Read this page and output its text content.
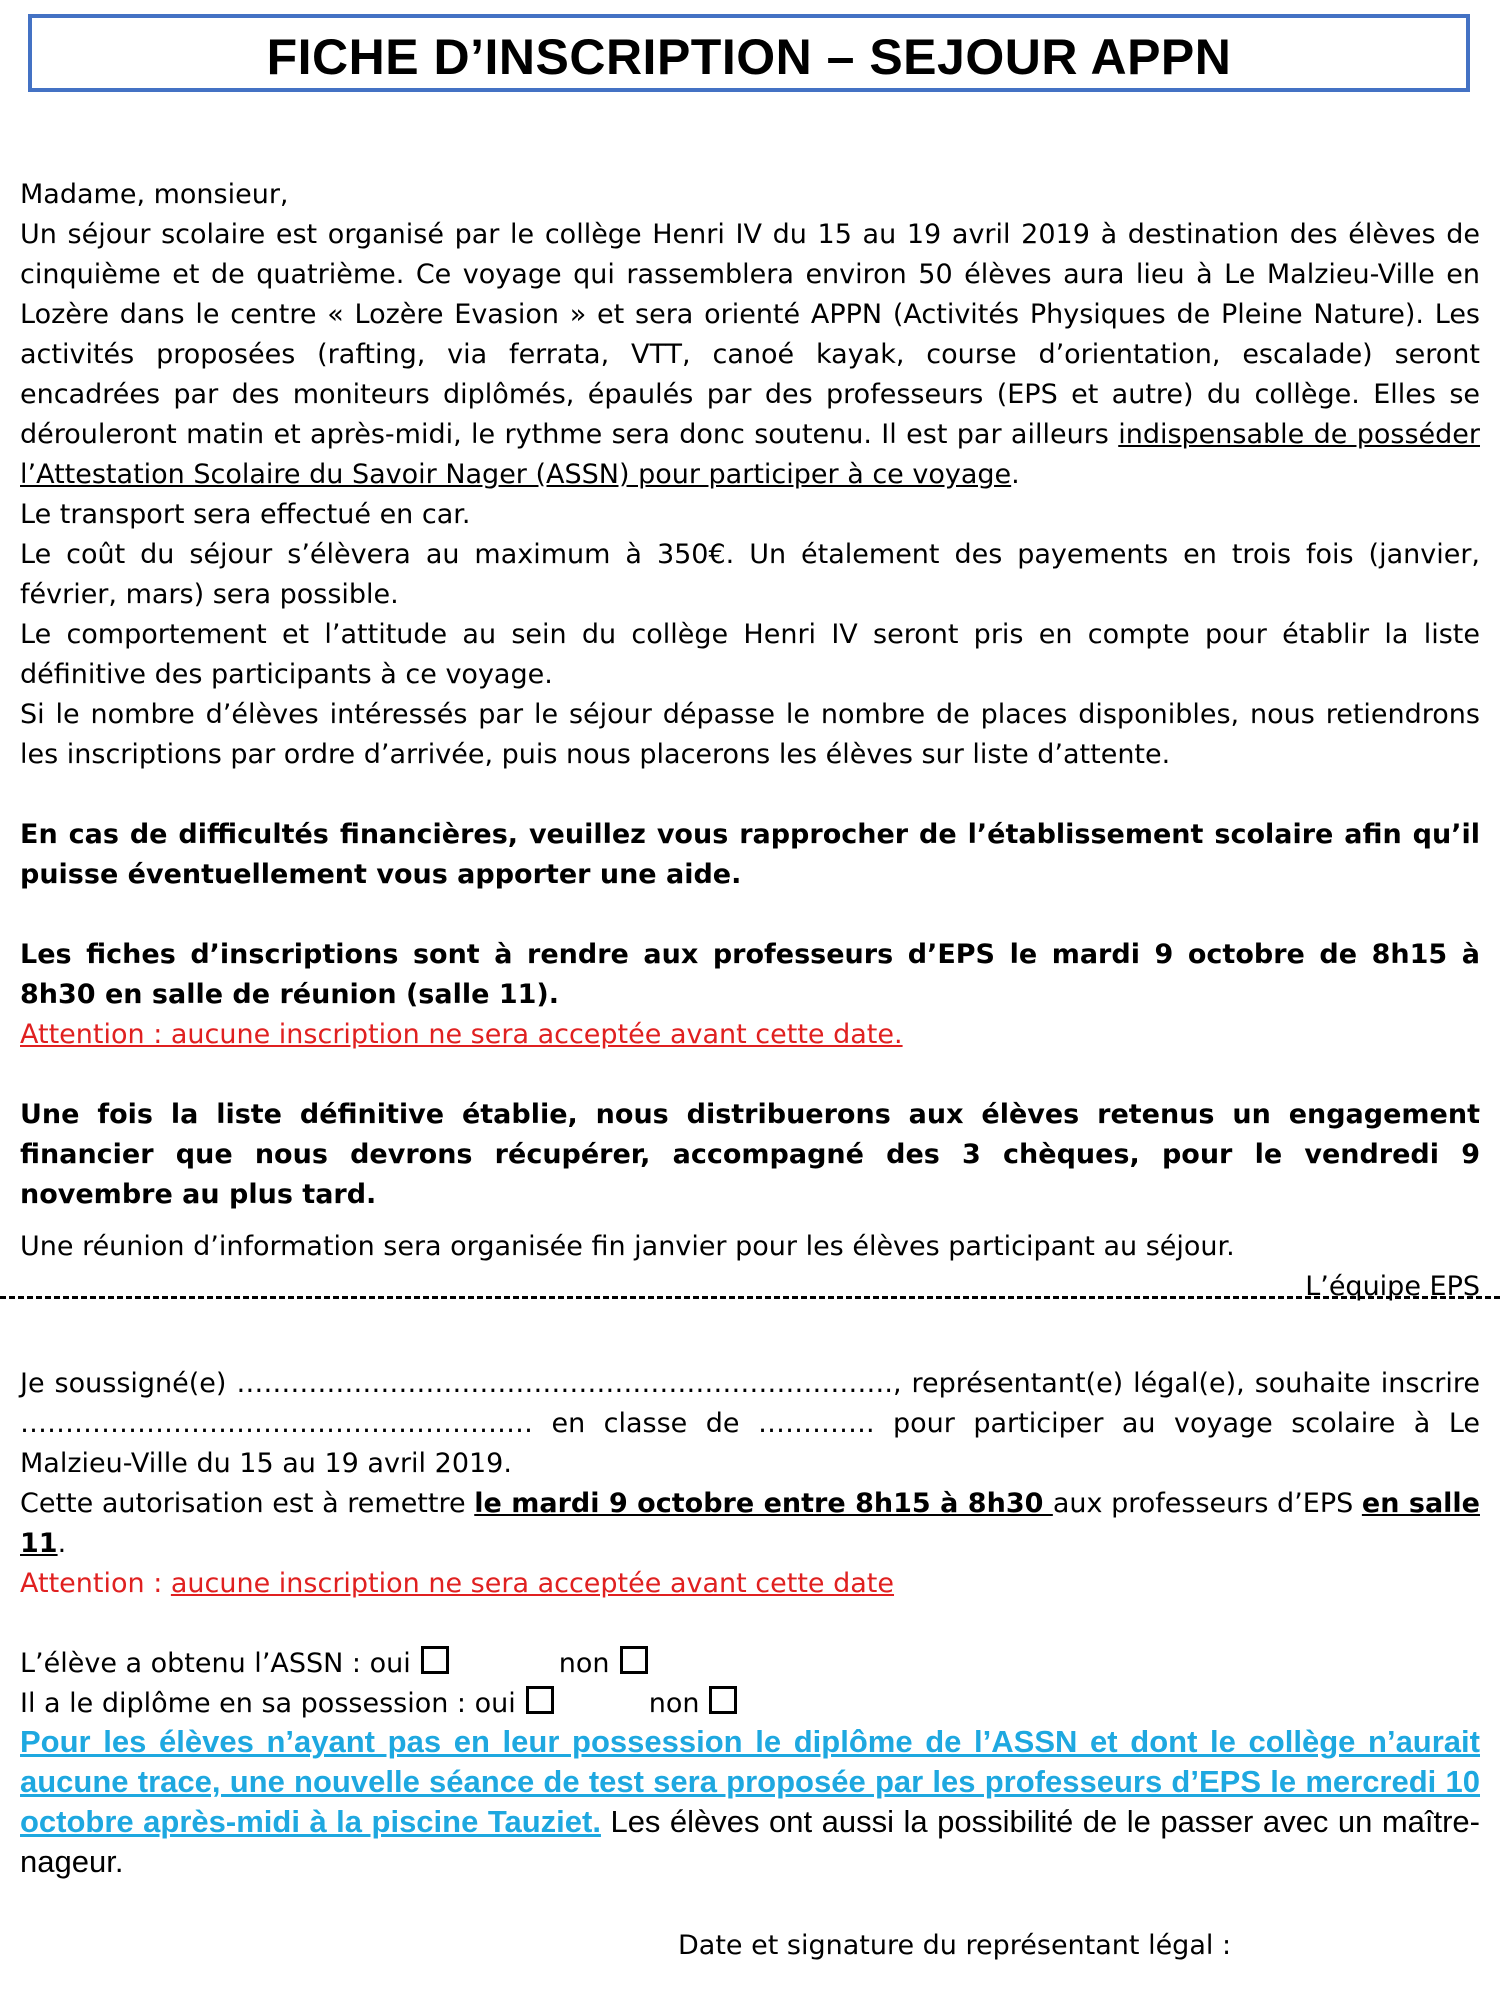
FICHE D’INSCRIPTION – SEJOUR APPN

Madame, monsieur,

Un séjour scolaire est organisé par le collège Henri IV du 15 au 19 avril 2019 à destination des élèves de cinquième et de quatrième. Ce voyage qui rassemblera environ 50 élèves aura lieu à Le Malzieu-Ville en Lozère dans le centre « Lozère Evasion » et sera orienté APPN (Activités Physiques de Pleine Nature). Les activités proposées (rafting, via ferrata, VTT, canoé kayak, course d’orientation, escalade) seront encadrées par des moniteurs diplômés, épaulés par des professeurs (EPS et autre) du collège. Elles se dérouleront matin et après-midi, le rythme sera donc soutenu. Il est par ailleurs indispensable de posséder l’Attestation Scolaire du Savoir Nager (ASSN) pour participer à ce voyage.

Le transport sera effectué en car.

Le coût du séjour s’élèvera au maximum à 350€. Un étalement des payements en trois fois (janvier, février, mars) sera possible.

Le comportement et l’attitude au sein du collège Henri IV seront pris en compte pour établir la liste définitive des participants à ce voyage.

Si le nombre d’élèves intéressés par le séjour dépasse le nombre de places disponibles, nous retiendrons les inscriptions par ordre d’arrivée, puis nous placerons les élèves sur liste d’attente.

En cas de difficultés financières, veuillez vous rapprocher de l’établissement scolaire afin qu’il puisse éventuellement vous apporter une aide.

Les fiches d’inscriptions sont à rendre aux professeurs d’EPS le mardi 9 octobre de 8h15 à 8h30 en salle de réunion (salle 11).

Attention : aucune inscription ne sera acceptée avant cette date.

Une fois la liste définitive établie, nous distribuerons aux élèves retenus un engagement financier que nous devrons récupérer, accompagné des 3 chèques, pour le vendredi 9 novembre au plus tard.

Une réunion d’information sera organisée fin janvier pour les élèves participant au séjour.

L’équipe EPS

Je soussigné(e) ………………………………………………………………., représentant(e) légal(e), souhaite inscrire ………………………………………………… en classe de …………. pour participer au voyage scolaire à Le Malzieu-Ville du 15 au 19 avril 2019.

Cette autorisation est à remettre le mardi 9 octobre entre 8h15 à 8h30 aux professeurs d’EPS en salle 11.

Attention : aucune inscription ne sera acceptée avant cette date

L’élève a obtenu l’ASSN : oui	non

Il a le diplôme en sa possession : oui	non

Pour les élèves n’ayant pas en leur possession le diplôme de l’ASSN et dont le collège n’aurait aucune trace, une nouvelle séance de test sera proposée par les professeurs d’EPS le mercredi 10 octobre après-midi à la piscine Tauziet. Les élèves ont aussi la possibilité de le passer avec un maître-nageur.
Date et signature du représentant légal :
